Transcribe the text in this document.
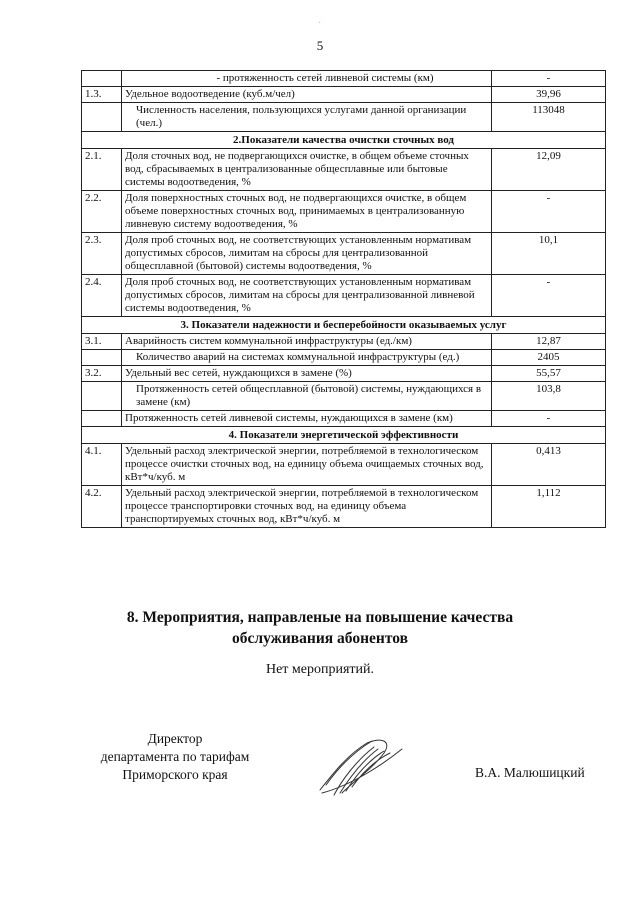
·
5
	- протяженность сетей ливневой системы (км)	-
1.3.	Удельное водоотведение (куб.м/чел)	39,96
	Численность населения, пользующихся услугами данной организации (чел.)	113048
2.Показатели качества очистки сточных вод		
2.1.	Доля сточных вод, не подвергающихся очистке, в общем объеме сточных вод, сбрасываемых в централизованные общесплавные или бытовые системы водоотведения, %	12,09
2.2.	Доля поверхностных сточных вод, не подвергающихся очистке, в общем объеме поверхностных сточных вод, принимаемых в централизованную ливневую систему водоотведения, %	-
2.3.	Доля проб сточных вод, не соответствующих установленным нормативам допустимых сбросов, лимитам на сбросы для централизованной общесплавной (бытовой) системы водоотведения, %	10,1
2.4.	Доля проб сточных вод, не соответствующих установленным нормативам допустимых сбросов, лимитам на сбросы для централизованной ливневой системы водоотведения, %	-
3. Показатели надежности и бесперебойности оказываемых услуг		
3.1.	Аварийность систем коммунальной инфраструктуры (ед./км)	12,87
	Количество аварий на системах коммунальной инфраструктуры (ед.)	2405
3.2.	Удельный вес сетей, нуждающихся в замене (%)	55,57
	Протяженность сетей общесплавной (бытовой) системы, нуждающихся в замене (км)	103,8
	Протяженность сетей ливневой системы, нуждающихся в замене (км)	-
4. Показатели энергетической эффективности		
4.1.	Удельный расход электрической энергии, потребляемой в технологическом процессе очистки сточных вод, на единицу объема очищаемых сточных вод, кВт*ч/куб. м	0,413
4.2.	Удельный расход электрической энергии, потребляемой в технологическом процессе транспортировки сточных вод, на единицу объема транспортируемых сточных вод, кВт*ч/куб. м	1,112
8. Мероприятия, направленые на повышение качества
обслуживания абонентов
Нет мероприятий.
Директор
департамента по тарифам
Приморского края	В.А. Малюшицкий
